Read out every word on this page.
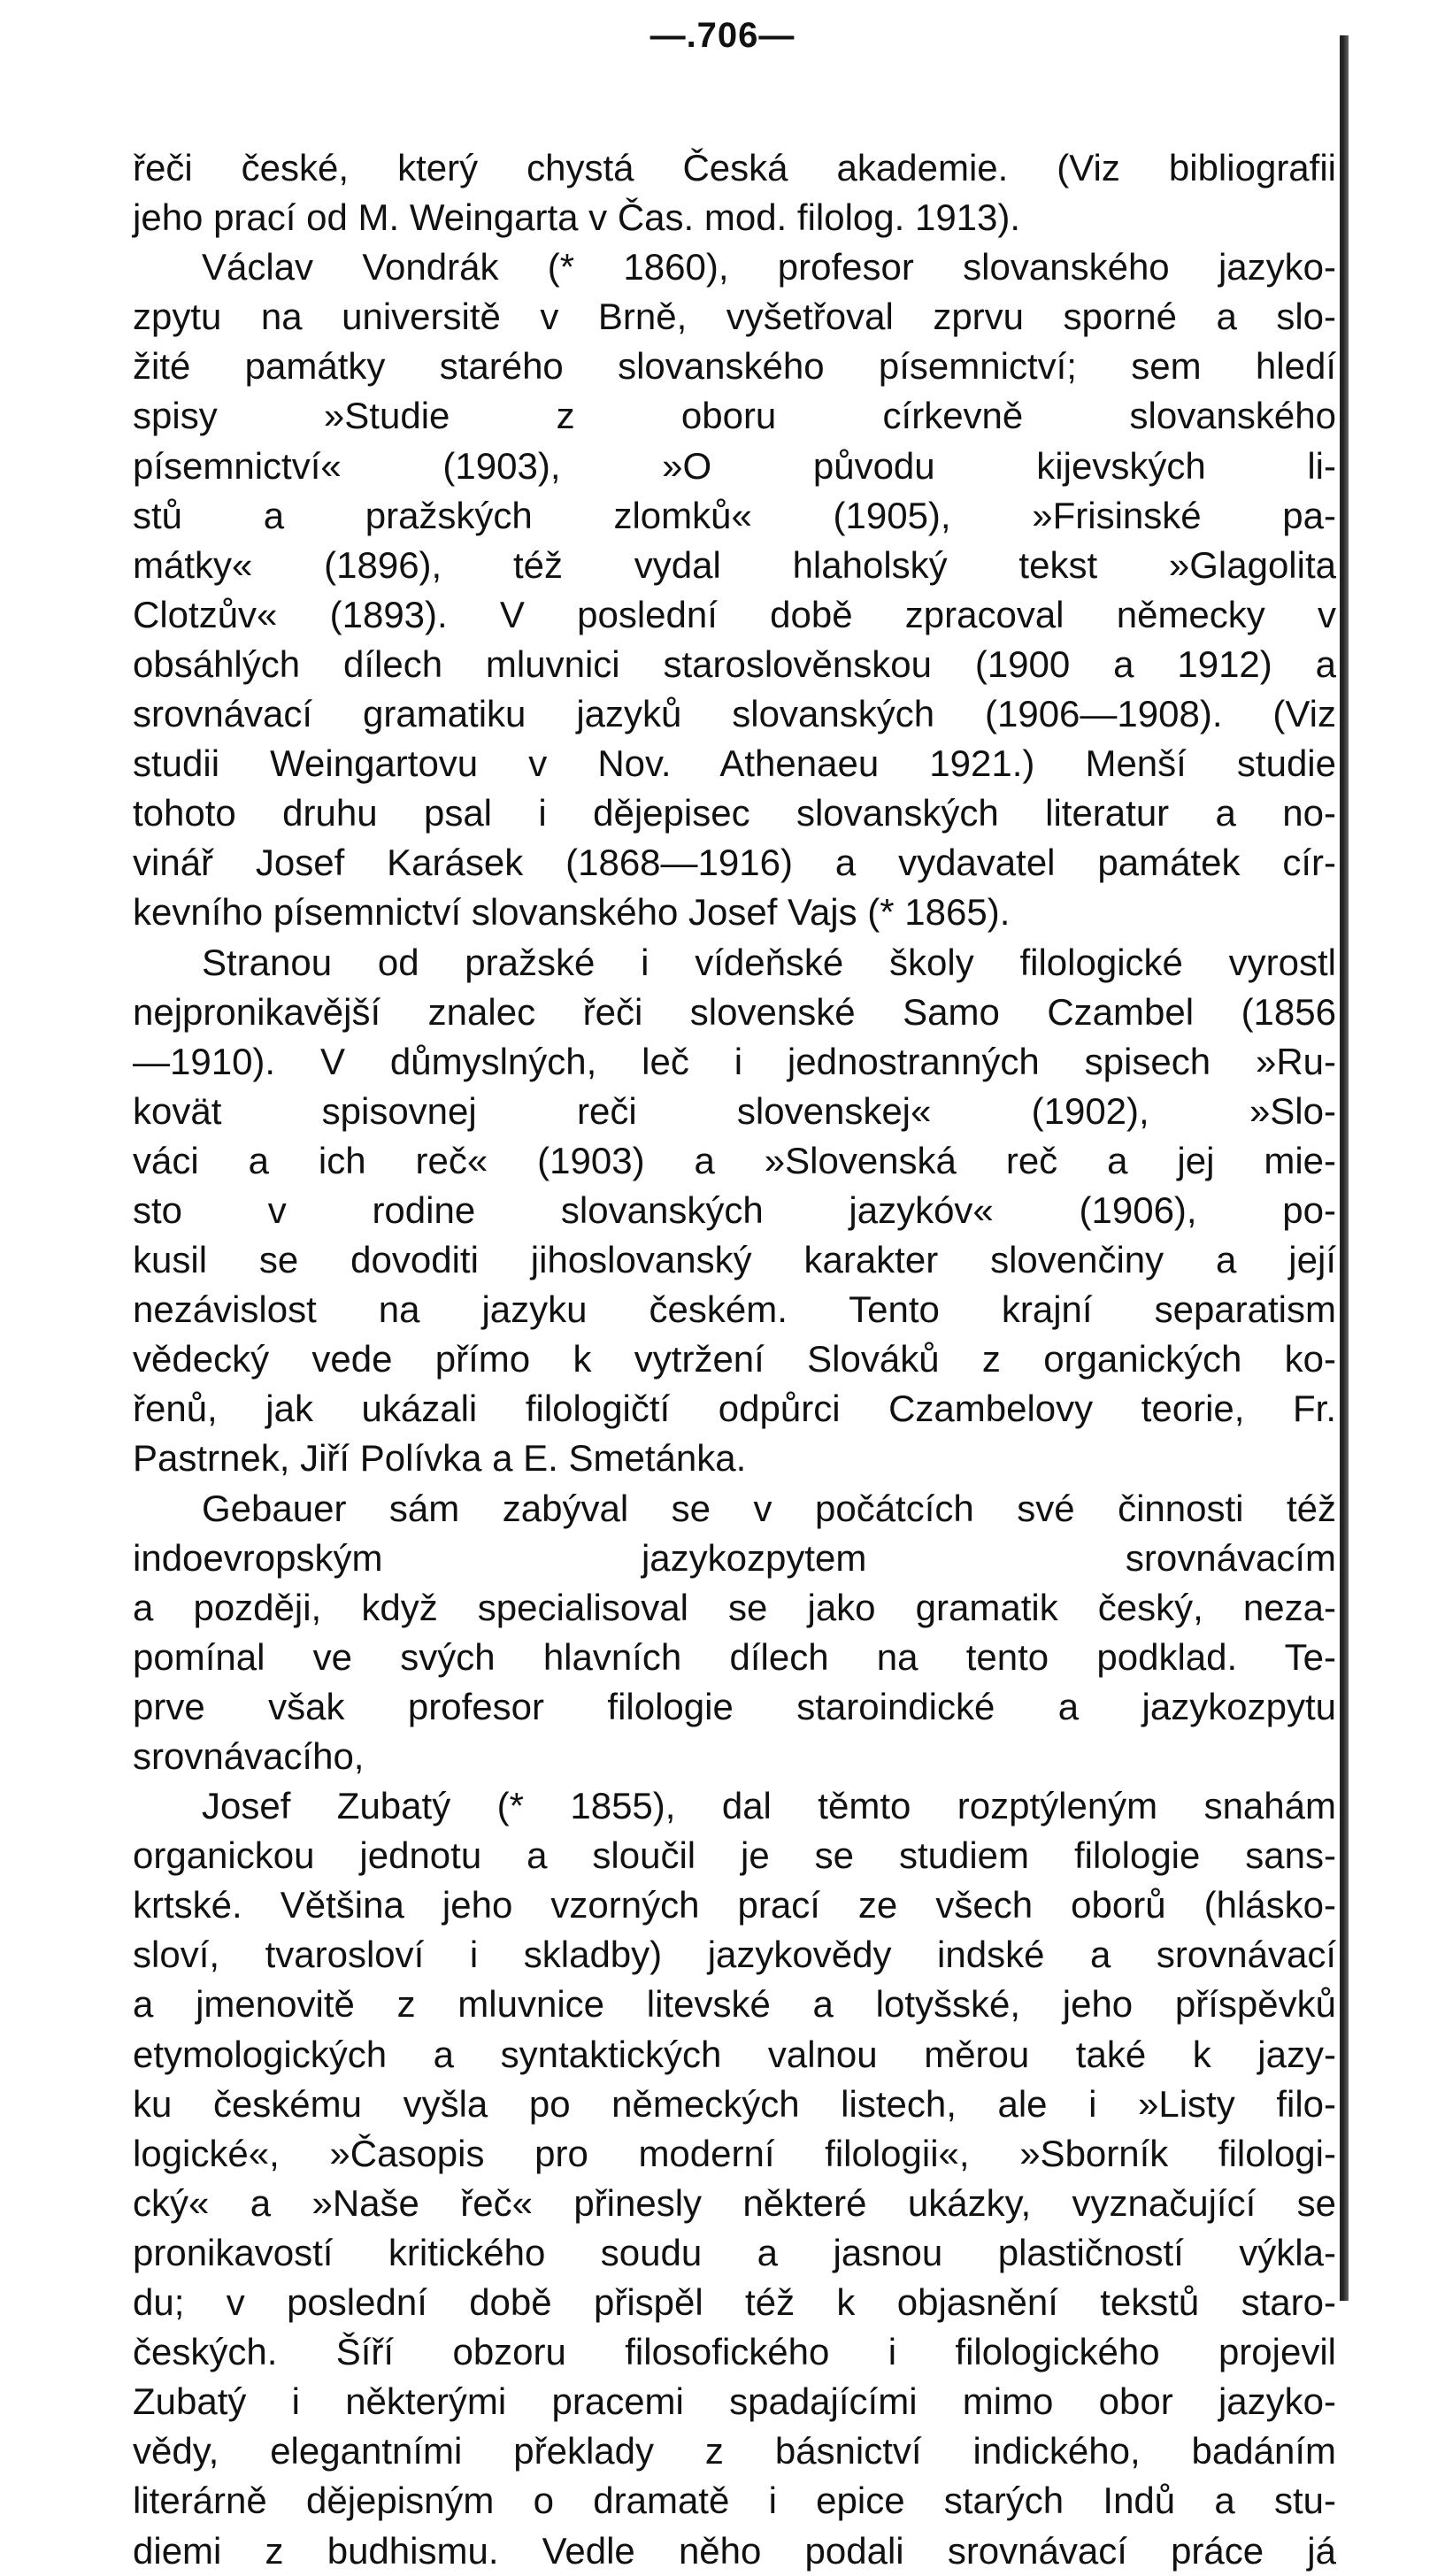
—.706—
řeči české, který chystá Česká akademie. (Viz bibliografii
jeho prací od M. Weingarta v Čas. mod. filolog. 1913).
Václav Vondrák (* 1860), profesor slovanského jazyko-
zpytu na universitě v Brně, vyšetřoval zprvu sporné a slo-
žité památky starého slovanského písemnictví; sem hledí
spisy »Studie z oboru církevně slovanského
písemnictví« (1903), »O původu kijevských li-
stů a pražských zlomků« (1905), »Frisinské pa-
mátky« (1896), též vydal hlaholský tekst »Glagolita
Clotzův« (1893). V poslední době zpracoval německy v
obsáhlých dílech mluvnici staroslověnskou (1900 a 1912) a
srovnávací gramatiku jazyků slovanských (1906—1908). (Viz
studii Weingartovu v Nov. Athenaeu 1921.) Menší studie
tohoto druhu psal i dějepisec slovanských literatur a no-
vinář Josef Karásek (1868—1916) a vydavatel památek cír-
kevního písemnictví slovanského Josef Vajs (* 1865).
Stranou od pražské i vídeňské školy filologické vyrostl
nejpronikavější znalec řeči slovenské Samo Czambel (1856
—1910). V důmyslných, leč i jednostranných spisech »Ru-
kovät spisovnej reči slovenskej« (1902), »Slo-
váci a ich reč« (1903) a »Slovenská reč a jej mie-
sto v rodine slovanských jazykóv« (1906), po-
kusil se dovoditi jihoslovanský karakter slovenčiny a její
nezávislost na jazyku českém. Tento krajní separatism
vědecký vede přímo k vytržení Slováků z organických ko-
řenů, jak ukázali filologičtí odpůrci Czambelovy teorie, Fr.
Pastrnek, Jiří Polívka a E. Smetánka.
Gebauer sám zabýval se v počátcích své činnosti též
indoevropským jazykozpytem srovnávacím
a později, když specialisoval se jako gramatik český, neza-
pomínal ve svých hlavních dílech na tento podklad. Te-
prve však profesor filologie staroindické a jazykozpytu
srovnávacího,
Josef Zubatý (* 1855), dal těmto rozptýleným snahám
organickou jednotu a sloučil je se studiem filologie sans-
krtské. Většina jeho vzorných prací ze všech oborů (hlásko-
sloví, tvarosloví i skladby) jazykovědy indské a srovnávací
a jmenovitě z mluvnice litevské a lotyšské, jeho příspěvků
etymologických a syntaktických valnou měrou také k jazy-
ku českému vyšla po německých listech, ale i »Listy filo-
logické«, »Časopis pro moderní filologii«, »Sborník filologi-
cký« a »Naše řeč« přinesly některé ukázky, vyznačující se
pronikavostí kritického soudu a jasnou plastičností výkla-
du; v poslední době přispěl též k objasnění tekstů staro-
českých. Šíří obzoru filosofického i filologického projevil
Zubatý i některými pracemi spadajícími mimo obor jazyko-
vědy, elegantními překlady z básnictví indického, badáním
literárně dějepisným o dramatě i epice starých Indů a stu-
diemi z budhismu. Vedle něho podali srovnávací práce já
